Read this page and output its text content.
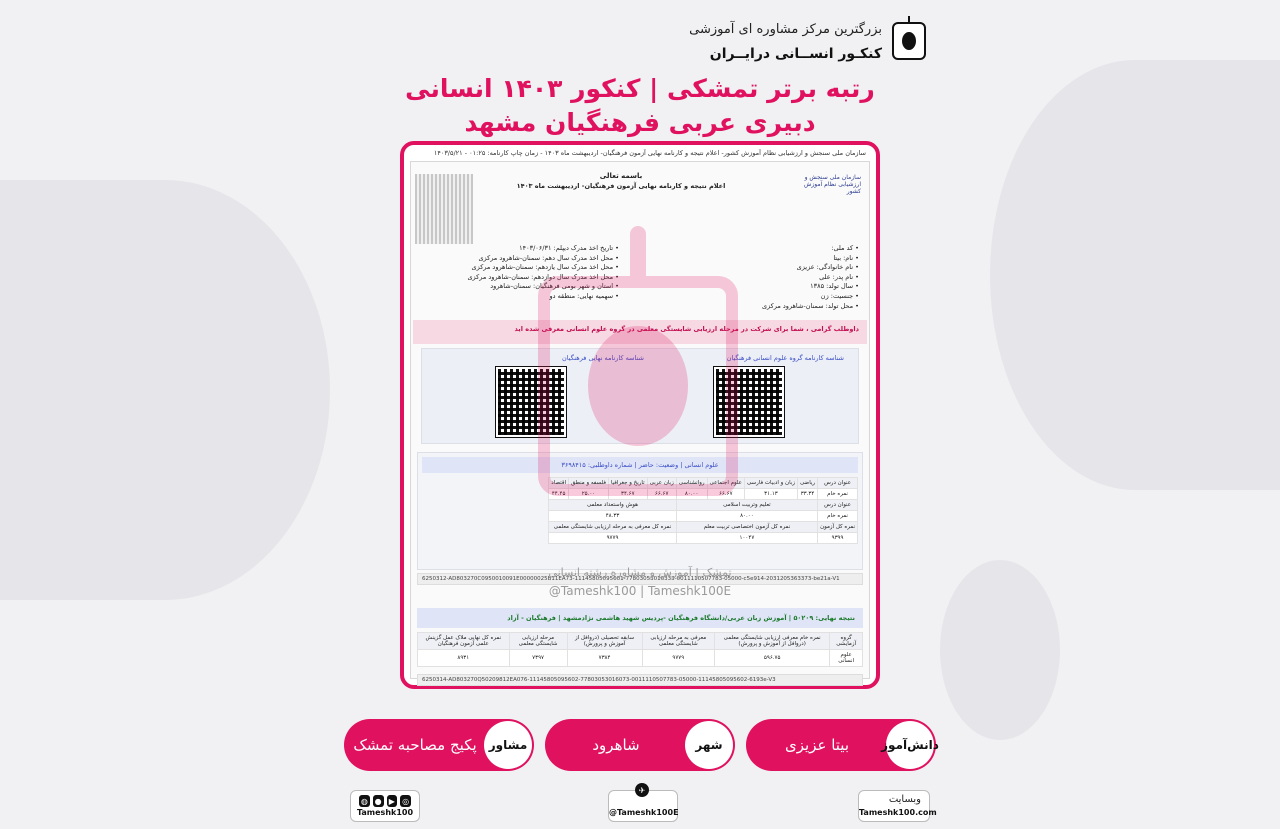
بزرگترین مرکز مشاوره ای آموزشی
کنکـور انســانی درایــران
رتبه برتر تمشکی | کنکور ۱۴۰۳ انسانی
دبیری عربی فرهنگیان مشهد
سازمان ملی سنجش و ارزشیابی نظام آموزش کشور- اعلام نتیجه و کارنامه نهایی آزمون فرهنگیان- اردیبهشت ماه ۱۴۰۳ - زمان چاپ کارنامه: ۰۱:۲۵ - ۱۴۰۳/۵/۲۱
باسمه تعالی
اعلام نتیجه و کارنامه نهایی آزمون فرهنگیان- اردیبهشت ماه ۱۴۰۳
سازمان ملی سنجش و ارزشیابی نظام آموزش کشور
• کد ملی:
• نام: بیتا
• نام خانوادگی: عزیزی
• نام پدر: علی
• سال تولد: ۱۳۸۵
• جنسیت: زن
• محل تولد: سمنان-شاهرود مرکزی
• تاریخ اخذ مدرک دیپلم: ۱۴۰۳/۰۶/۳۱
• محل اخذ مدرک سال دهم: سمنان-شاهرود مرکزی
• محل اخذ مدرک سال یازدهم: سمنان-شاهرود مرکزی
• محل اخذ مدرک سال دوازدهم: سمنان-شاهرود مرکزی
• استان و شهر بومی فرهنگیان: سمنان-شاهرود
• سهمیه نهایی: منطقه دو
داوطلب گرامی ، شما برای شرکت در مرحله ارزیابی شایستگی معلمی در گروه علوم انسانی معرفی شده اید
شناسه کارنامه گروه علوم انسانی فرهنگیان
شناسه کارنامه نهایی فرهنگیان
علوم انسانی | وضعیت: حاضر | شماره داوطلبی: ۳۶۹۸۴۱۵
عنوان درس	ریاضی	زبان و ادبیات فارسی	علوم اجتماعی	روانشناسی	زبان عربی	تاریخ و جغرافیا	فلسفه و منطق	اقتصاد
نمره خام	۳۳.۳۴	۳۱.۱۳	۶۶.۶۷	۸۰.۰۰	۶۶.۶۷	۳۴.۶۷	۲۵.۰۰	۴۴.۴۵
عنوان درس	تعلیم وتربیت اسلامی				هوش واستعداد معلمی			
نمره خام	۸۰.۰۰				۴۸.۳۳			
نمره کل آزمون	نمره کل آزمون اختصاصی تربیت معلم				نمره کل معرفی به مرحله ارزیابی شایستگی معلمی			
۹۳۹۹	۱۰۰۴۷				۹۷۷۹			
6250312-AD803270C0950010091E00000025B11EA73-11145805095601-77803053016333-0011110507783-05000-c5e914-2031205363373-be21a-V1
نتیجه نهایی: ۵۰۲۰۹ | آموزش زبان عربی/دانشگاه فرهنگیان -پردیس شهید هاشمی نژادمشهد | فرهنگیان - آزاد
گروه آزمایشی	نمره خام معرفی ارزیابی شایستگی معلمی (دروافل از آموزش و پرورش)	معرفی به مرحله ارزیابی شایستگی معلمی	سابقه تحصیلی (دروافل از آموزش و پرورش)	مرحله ارزیابی شایستگی معلمی	نمره کل نهایی ملاک عمل گزینش علمی آزمون فرهنگیان
علوم انسانی	۵۹۶.۷۵	۹۷۷۹	۷۳۸۴	۷۳۹۷	۸۹۳۱
6250314-AD803270Q50209812EA076-11145805095602-77803053016073-0011110507783-05000-11145805095602-6193e-V3
تمشک | آموزش و مشاوره رشته انسانی
@Tameshk100 | Tameshk100E
دانش‌آموز
بیتا عزیزی
شهر
شاهرود
مشاور
پکیج مصاحبه تمشک
وبسایت
Tameshk100.com
✈
@Tameshk100E
◎
▶
●
◍
Tameshk100
